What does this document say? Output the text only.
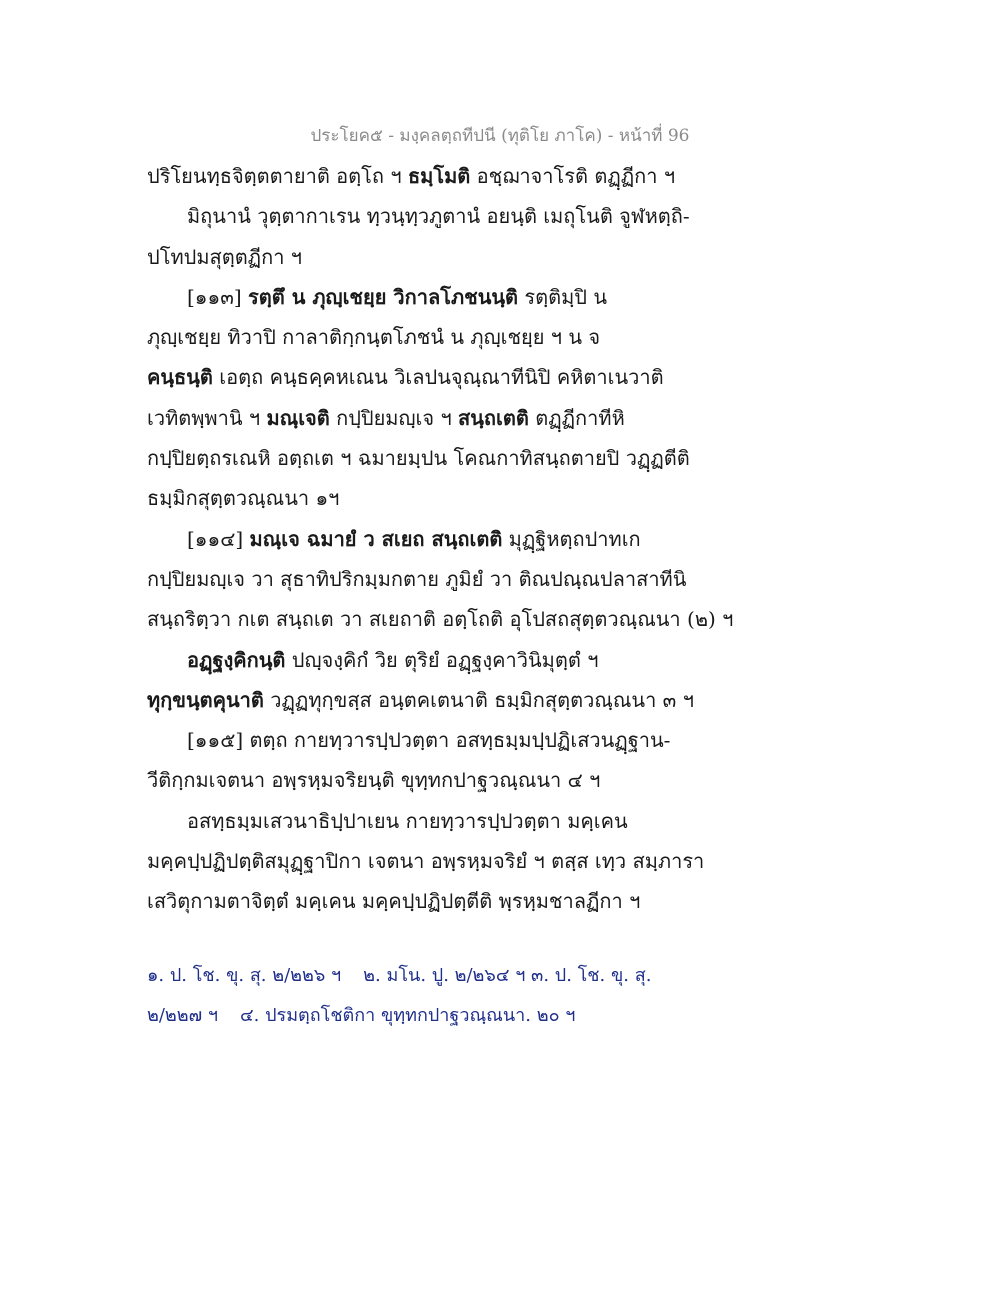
ประโยค๕ - มงฺคลตฺถทีปนี (ทุติโย ภาโค) - หน้าที่ 96
ปริโยนทฺธจิตฺตตายาติ อตฺโถ ฯ ธมฺโมติ อชฺฌาจาโรติ ตฏฺฏีกา ฯ
มิถุนานํ วุตฺตากาเรน ทฺวนฺทฺวภูตานํ อยนฺติ เมถุโนติ จูฬหตฺถิ-
ปโทปมสุตฺตฏีกา ฯ
[๑๑๓] รตฺตึ น ภุญฺเชยฺย วิกาลโภชนนฺติ รตฺติมฺปิ น
ภุญฺเชยฺย ทิวาปิ กาลาติกฺกนฺตโภชนํ น ภุญฺเชยฺย ฯ น จ
คนฺธนฺติ เอตฺถ คนฺธคฺคหเณน วิเลปนจุณฺณาทีนิปิ คหิตาเนวาติ
เวทิตพฺพานิ ฯ มณฺเจติ กปฺปิยมญฺเจ ฯ สนฺถเตติ ตฏฺฏีกาทีหิ
กปฺปิยตฺถรเณหิ อตฺถเต ฯ ฉมายมฺปน โคณกาทิสนฺถตายปิ วฏฺฏตีติ
ธมฺมิกสุตฺตวณฺณนา ๑ฯ
[๑๑๔] มณฺเจ ฉมายํ ว สเยถ สนฺถเตติ มุฏฺฐิหตฺถปาทเก
กปฺปิยมญฺเจ วา สุธาทิปริกมฺมกตาย ภูมิยํ วา ติณปณฺณปลาสาทีนิ
สนฺถริตฺวา กเต สนฺถเต วา สเยถาติ อตฺโถติ อุโปสถสุตฺตวณฺณนา (๒) ฯ
อฏฺฐงฺคิกนฺติ ปญฺจงฺคิกํ วิย ตุริยํ อฏฺฐงฺคาวินิมุตฺตํ ฯ
ทุกฺขนฺตคุนาติ วฏฺฏทุกฺขสฺส อนฺตคเตนาติ ธมฺมิกสุตฺตวณฺณนา ๓ ฯ
[๑๑๕] ตตฺถ กายทฺวารปฺปวตฺตา อสทฺธมฺมปฺปฏิเสวนฏฺฐาน-
วีติกฺกมเจตนา อพฺรหฺมจริยนฺติ ขุทฺทกปาฐวณฺณนา ๔ ฯ
อสทฺธมฺมเสวนาธิปฺปาเยน กายทฺวารปฺปวตฺตา มคฺเคน
มคฺคปฺปฏิปตฺติสมุฏฺฐาปิกา เจตนา อพฺรหฺมจริยํ ฯ ตสฺส เทฺว สมฺภารา
เสวิตุกามตาจิตฺตํ มคฺเคน มคฺคปฺปฏิปตฺตีติ พฺรหฺมชาลฏีกา ฯ
๑. ป. โช. ขุ. สุ. ๒/๒๒๖ ฯ ๒. มโน. ปู. ๒/๒๖๔ ฯ ๓. ป. โช. ขุ. สุ.
๒/๒๒๗ ฯ ๔. ปรมตฺถโชติกา ขุทฺทกปาฐวณฺณนา. ๒๐ ฯ
